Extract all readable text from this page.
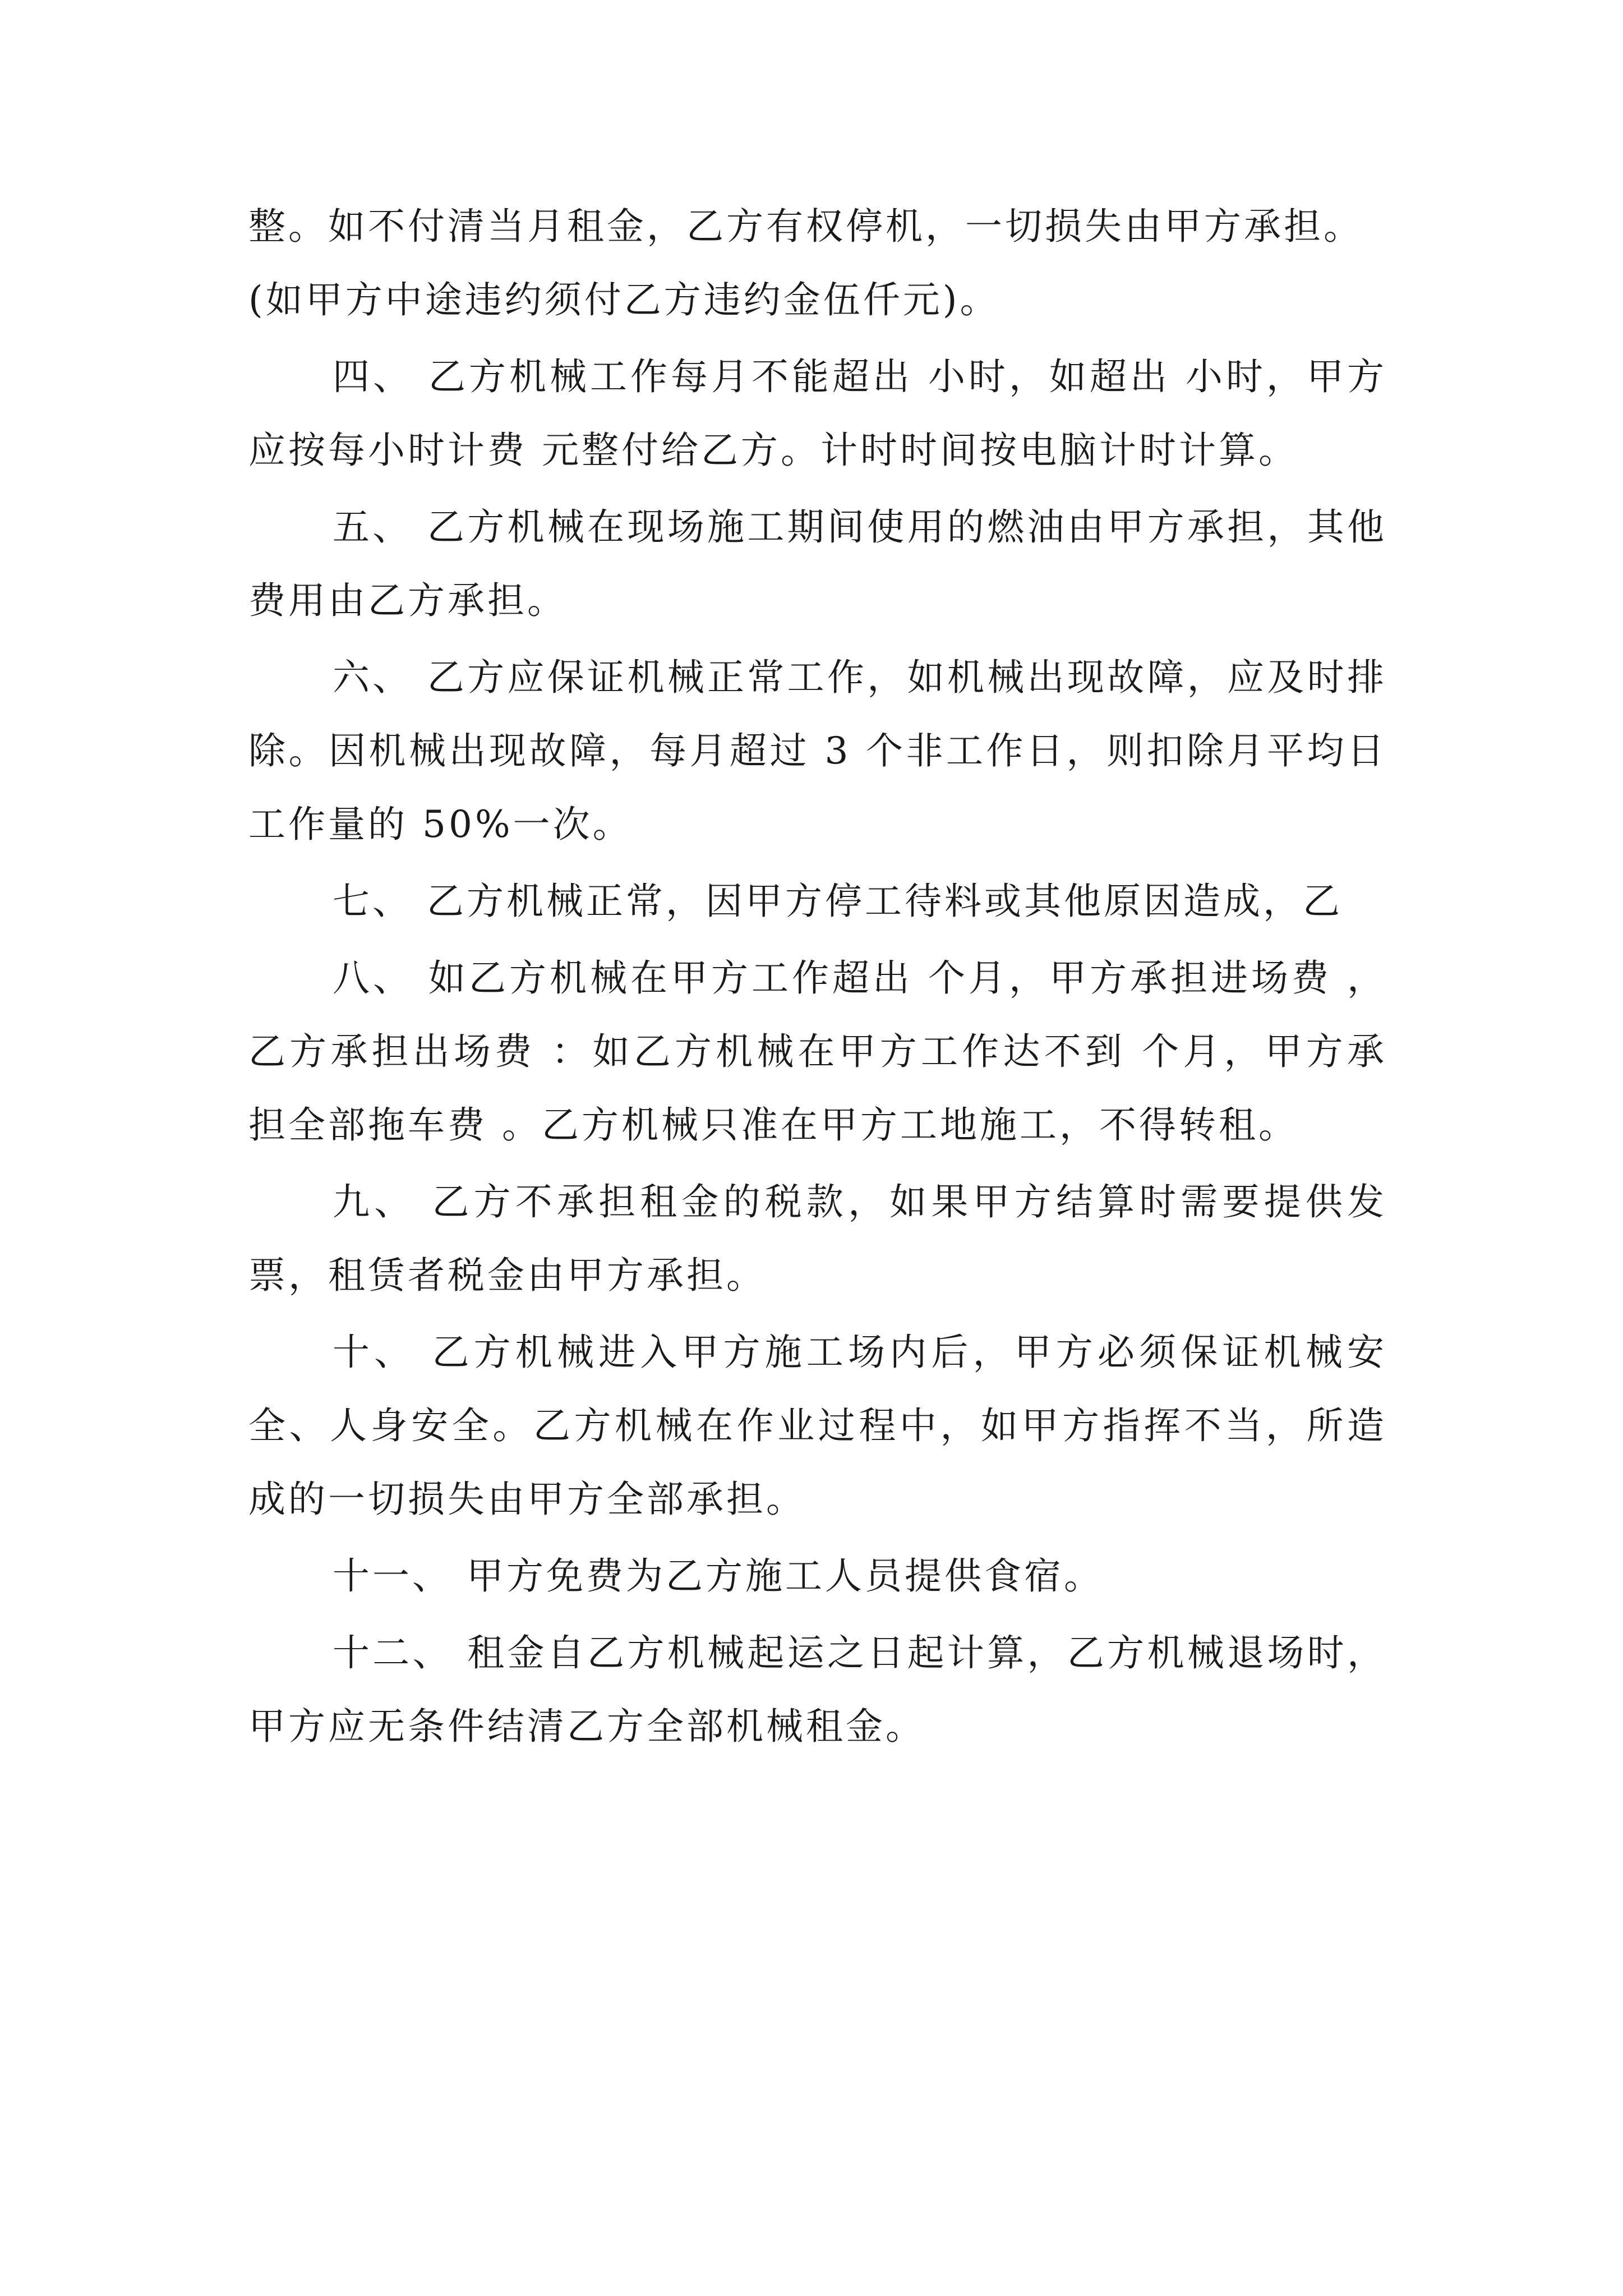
整。如不付清当月租金，乙方有权停机，一切损失由甲方承担。(如甲方中途违约须付乙方违约金伍仟元)。

四、 乙方机械工作每月不能超出 小时，如超出 小时，甲方应按每小时计费 元整付给乙方。计时时间按电脑计时计算。

五、 乙方机械在现场施工期间使用的燃油由甲方承担，其他费用由乙方承担。

六、 乙方应保证机械正常工作，如机械出现故障，应及时排除。因机械出现故障，每月超过 3 个非工作日，则扣除月平均日工作量的 50%一次。

七、 乙方机械正常，因甲方停工待料或其他原因造成，乙

八、 如乙方机械在甲方工作超出 个月，甲方承担进场费 ，乙方承担出场费 ：如乙方机械在甲方工作达不到 个月，甲方承担全部拖车费 。乙方机械只准在甲方工地施工，不得转租。

九、 乙方不承担租金的税款，如果甲方结算时需要提供发票，租赁者税金由甲方承担。

十、 乙方机械进入甲方施工场内后，甲方必须保证机械安全、人身安全。乙方机械在作业过程中，如甲方指挥不当，所造成的一切损失由甲方全部承担。

十一、 甲方免费为乙方施工人员提供食宿。

十二、 租金自乙方机械起运之日起计算，乙方机械退场时，甲方应无条件结清乙方全部机械租金。
